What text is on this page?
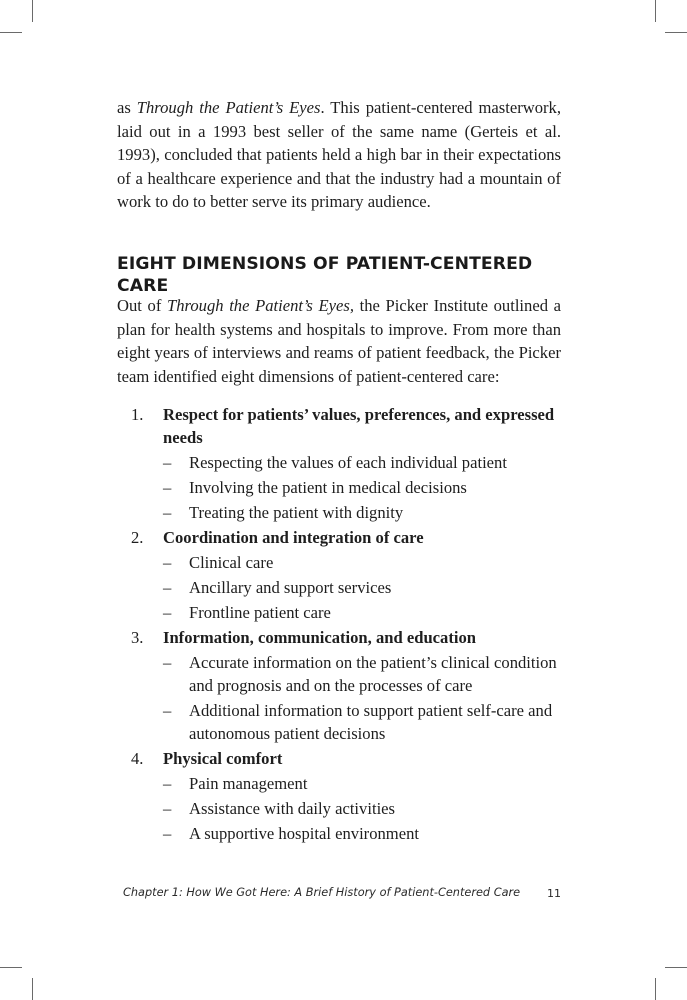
as Through the Patient’s Eyes. This patient-centered masterwork, laid out in a 1993 best seller of the same name (Gerteis et al. 1993), concluded that patients held a high bar in their expectations of a healthcare experience and that the industry had a mountain of work to do to better serve its primary audience.

EIGHT DIMENSIONS OF PATIENT-CENTERED CARE

Out of Through the Patient’s Eyes, the Picker Institute outlined a plan for health systems and hospitals to improve. From more than eight years of interviews and reams of patient feedback, the Picker team identified eight dimensions of patient-centered care:

1.	Respect for patients’ values, preferences, and expressed needs
–	Respecting the values of each individual patient
–	Involving the patient in medical decisions
–	Treating the patient with dignity
2.	Coordination and integration of care
–	Clinical care
–	Ancillary and support services
–	Frontline patient care
3.	Information, communication, and education
–	Accurate information on the patient’s clinical condition and prognosis and on the processes of care
–	Additional information to support patient self-care and autonomous patient decisions
4.	Physical comfort
–	Pain management
–	Assistance with daily activities
–	A supportive hospital environment
Chapter 1: How We Got Here: A Brief History of Patient-Centered Care 11
